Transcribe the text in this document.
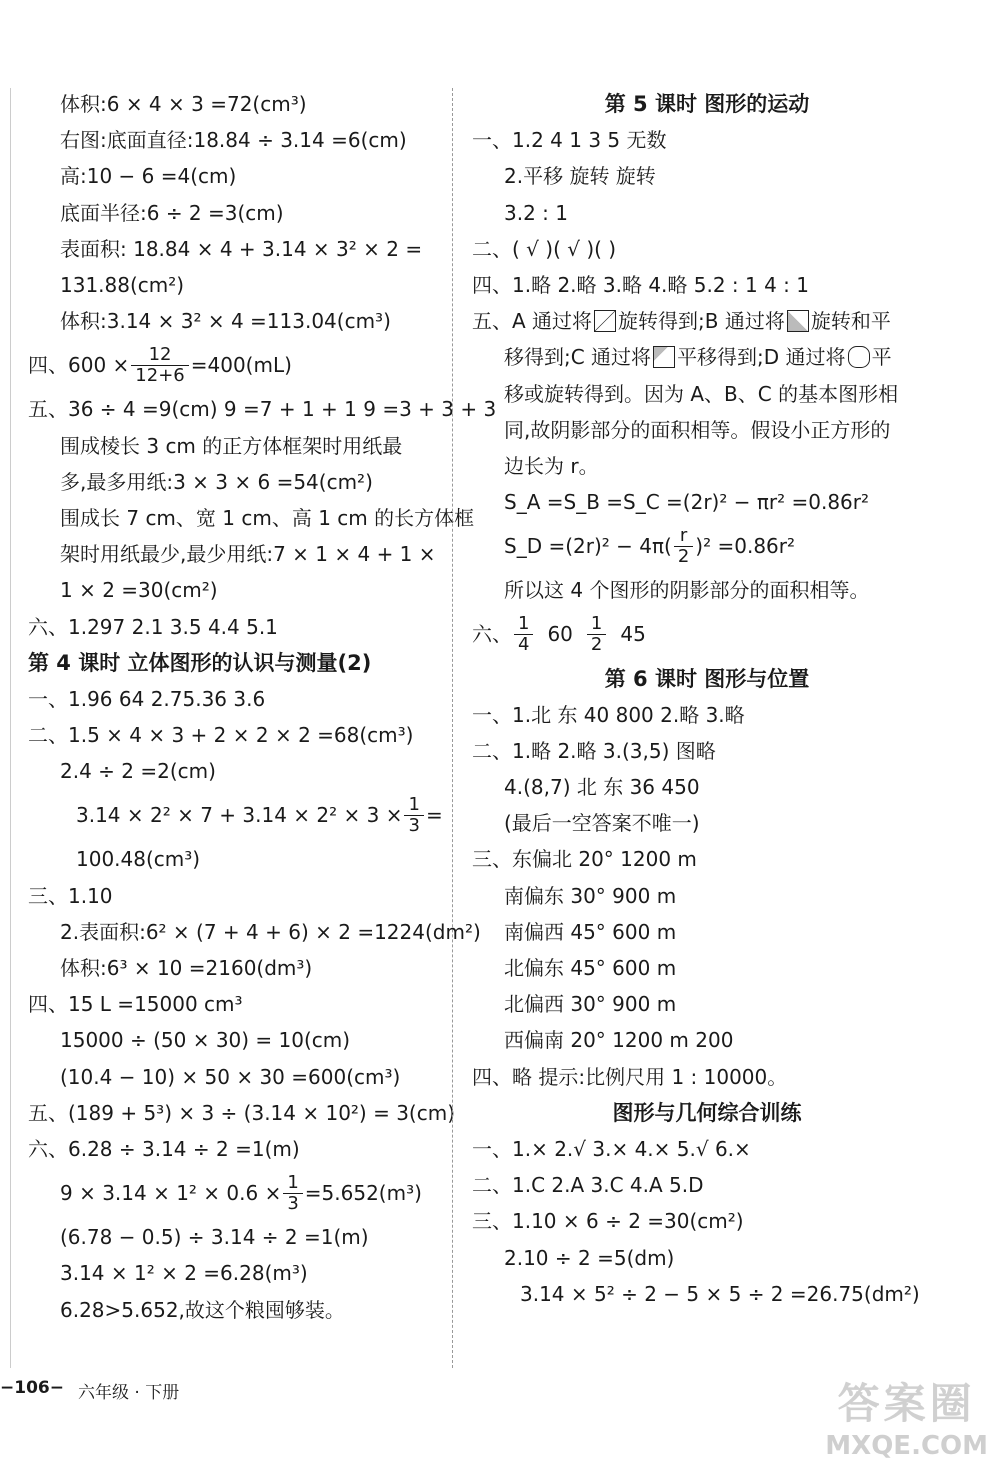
体积:6 × 4 × 3 =72(cm³)
右图:底面直径:18.84 ÷ 3.14 =6(cm)
高:10 − 6 =4(cm)
底面半径:6 ÷ 2 =3(cm)
表面积: 18.84 × 4 + 3.14 × 3² × 2 =
131.88(cm²)
体积:3.14 × 3² × 4 =113.04(cm³)
四、$600 \times \frac{12}{12+6} =400(mL)$
五、36 ÷ 4 =9(cm) 9 =7 + 1 + 1 9 =3 + 3 + 3
围成棱长 3 cm 的正方体框架时用纸最
多,最多用纸:3 × 3 × 6 =54(cm²)
围成长 7 cm、宽 1 cm、高 1 cm 的长方体框
架时用纸最少,最少用纸:7 × 1 × 4 + 1 ×
1 × 2 =30(cm²)
六、1.297 2.1 3.5 4.4 5.1
第 4 课时 立体图形的认识与测量(2)
一、1.96 64 2.75.36 3.6
二、1.5 × 4 × 3 + 2 × 2 × 2 =68(cm³)
2.4 ÷ 2 =2(cm)
$3.14 \times 2^2 \times 7 + 3.14 \times 2^2 \times 3 \times \frac{1}{3}$ =
100.48(cm³)
三、1.10
2.表面积:6² × (7 + 4 + 6) × 2 =1224(dm²)
体积:6³ × 10 =2160(dm³)
四、15 L =15000 cm³
15000 ÷ (50 × 30) = 10(cm)
(10.4 − 10) × 50 × 30 =600(cm³)
五、(189 + 5³) × 3 ÷ (3.14 × 10²) = 3(cm)
六、6.28 ÷ 3.14 ÷ 2 =1(m)
$9 \times 3.14 \times 1^2 \times 0.6 \times \frac{1}{3} =5.652(m^3)$
(6.78 − 0.5) ÷ 3.14 ÷ 2 =1(m)
3.14 × 1² × 2 =6.28(m³)
6.28>5.652,故这个粮囤够装。
第 5 课时 图形的运动
一、1.2 4 1 3 5 无数
2.平移 旋转 旋转
3.2 : 1
二、( √ )( √ )( )
四、1.略 2.略 3.略 4.略 5.2 : 1 4 : 1
五、A 通过将 旋转得到;B 通过将 旋转和平
移得到;C 通过将 平移得到;D 通过将 平
移或旋转得到。因为 A、B、C 的基本图形相
同,故阴影部分的面积相等。假设小正方形的
边长为 r。
S_A =S_B =S_C =(2r)² − πr² =0.86r²
S_D =(2r)² − 4π ( $\frac{r}{2}$ ) ² =0.86r²
所以这 4 个图形的阴影部分的面积相等。
六、 $\frac{1}{4} 60 \frac{1}{2} 45$
第 6 课时 图形与位置
一、1.北 东 40 800 2.略 3.略
二、1.略 2.略 3.(3,5) 图略
4.(8,7) 北 东 36 450
(最后一空答案不唯一)
三、东偏北 20° 1200 m
南偏东 30° 900 m
南偏西 45° 600 m
北偏东 45° 600 m
北偏西 30° 900 m
西偏南 20° 1200 m 200
四、略 提示:比例尺用 1 : 10000。
图形与几何综合训练
一、1.× 2.√ 3.× 4.× 5.√ 6.×
二、1.C 2.A 3.C 4.A 5.D
三、1.10 × 6 ÷ 2 =30(cm²)
2.10 ÷ 2 =5(dm)
3.14 × 5² ÷ 2 − 5 × 5 ÷ 2 =26.75(dm²)
−106− 六年级 · 下册	答案圈
MXQE.COM
